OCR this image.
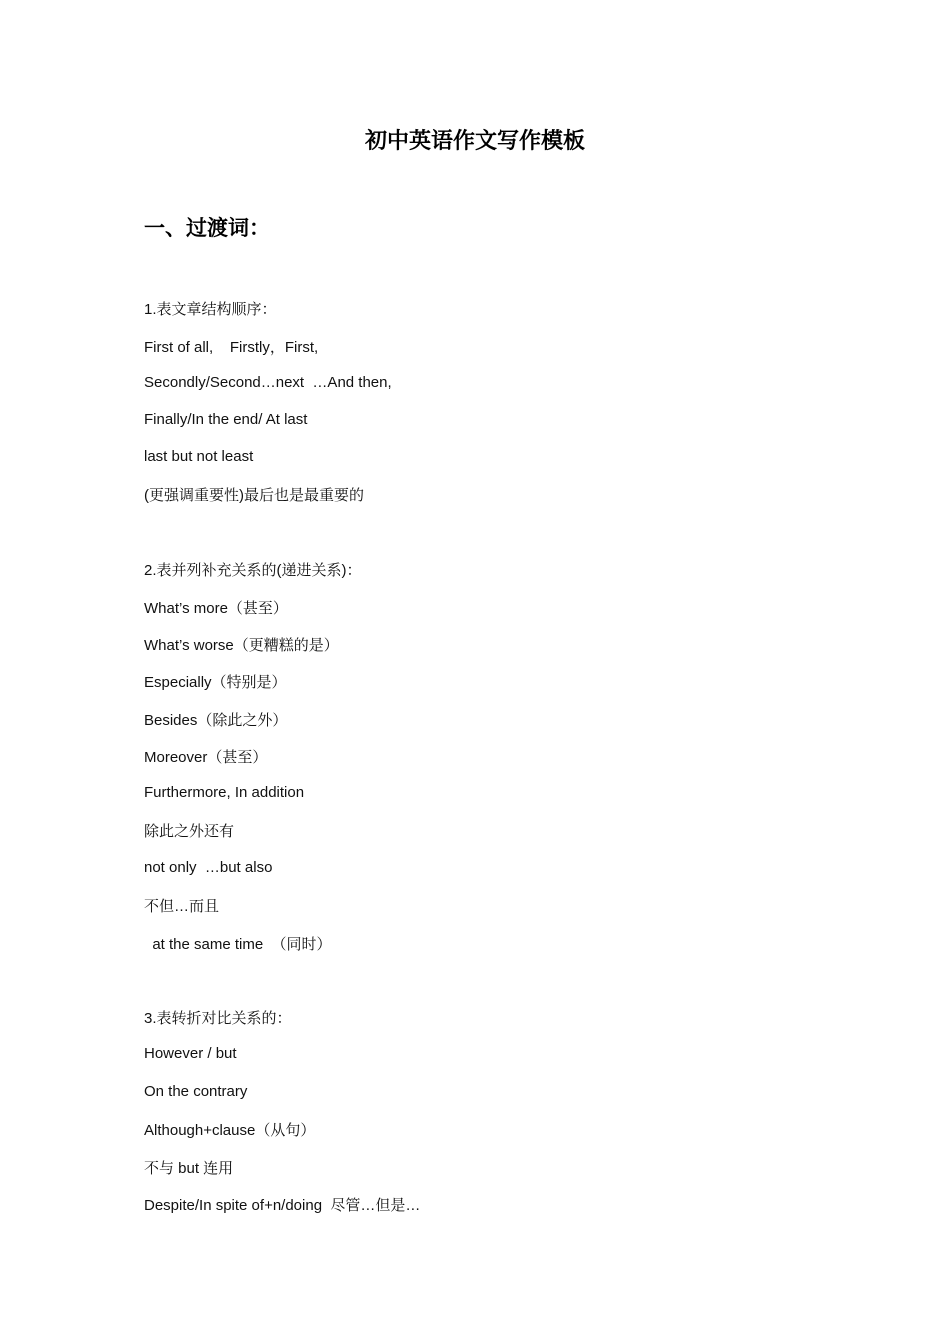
初中英语作文写作模板
一、过渡词：
1.表文章结构顺序：
First of all,    Firstly，First,
Secondly/Second…next  …And then,
Finally/In the end/ At last
last but not least
(更强调重要性)最后也是最重要的
2.表并列补充关系的(递进关系)：
What’s more（甚至）
What’s worse（更糟糕的是）
Especially（特别是）
Besides（除此之外）
Moreover（甚至）
Furthermore, In addition
除此之外还有
not only  …but also
不但…而且
at the same time  （同时）
3.表转折对比关系的：
However / but
On the contrary
Although+clause（从句）
不与 but 连用
Despite/In spite of+n/doing  尽管…但是…
